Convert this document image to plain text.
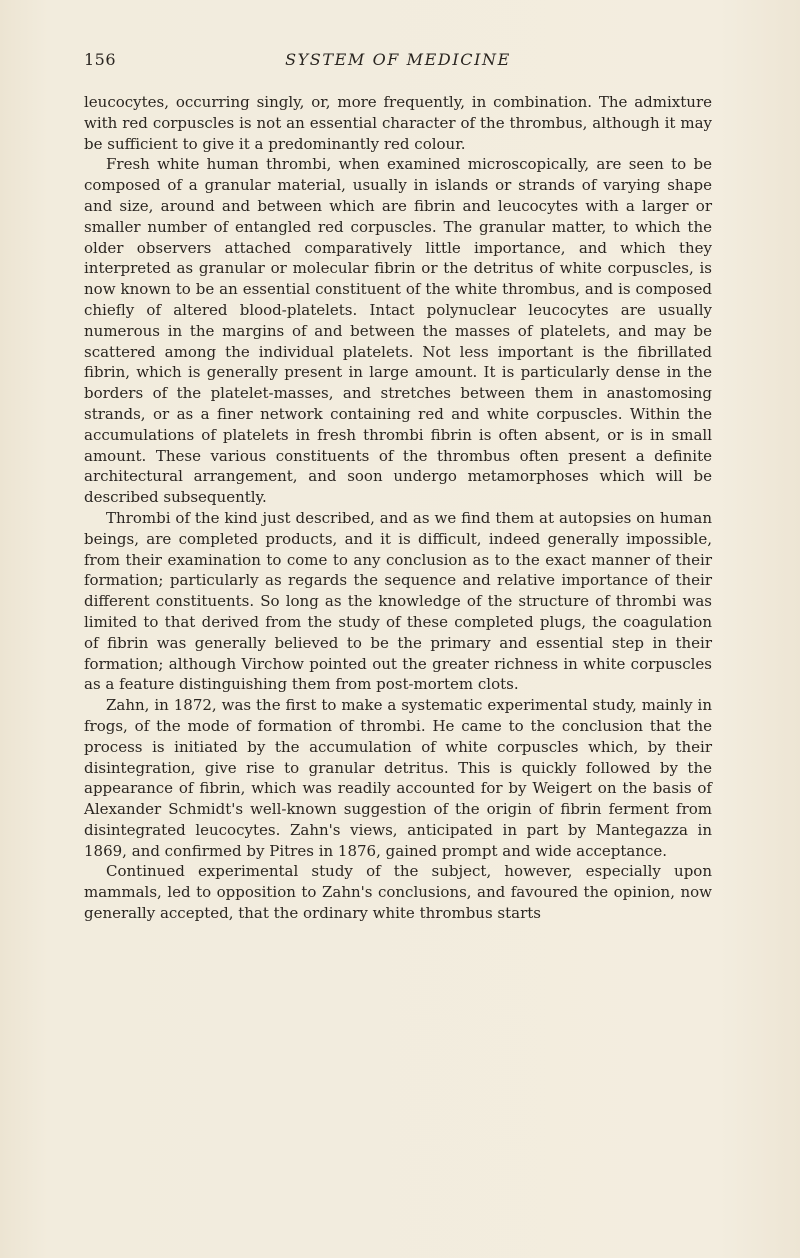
156	SYSTEM OF MEDICINE

leucocytes, occurring singly, or, more frequently, in combination. The admixture with red corpuscles is not an essential character of the thrombus, although it may be sufficient to give it a predominantly red colour.

Fresh white human thrombi, when examined microscopically, are seen to be composed of a granular material, usually in islands or strands of varying shape and size, around and between which are fibrin and leucocytes with a larger or smaller number of entangled red corpuscles. The granular matter, to which the older observers attached comparatively little importance, and which they interpreted as granular or molecular fibrin or the detritus of white corpuscles, is now known to be an essential constituent of the white thrombus, and is composed chiefly of altered blood-platelets. Intact polynuclear leucocytes are usually numerous in the margins of and between the masses of platelets, and may be scattered among the individual platelets. Not less important is the fibrillated fibrin, which is generally present in large amount. It is particularly dense in the borders of the platelet-masses, and stretches between them in anastomosing strands, or as a finer network containing red and white corpuscles. Within the accumulations of platelets in fresh thrombi fibrin is often absent, or is in small amount. These various constituents of the thrombus often present a definite architectural arrangement, and soon undergo metamorphoses which will be described subsequently.

Thrombi of the kind just described, and as we find them at autopsies on human beings, are completed products, and it is difficult, indeed generally impossible, from their examination to come to any conclusion as to the exact manner of their formation; particularly as regards the sequence and relative importance of their different constituents. So long as the knowledge of the structure of thrombi was limited to that derived from the study of these completed plugs, the coagulation of fibrin was generally believed to be the primary and essential step in their formation; although Virchow pointed out the greater richness in white corpuscles as a feature distinguishing them from post-mortem clots.

Zahn, in 1872, was the first to make a systematic experimental study, mainly in frogs, of the mode of formation of thrombi. He came to the conclusion that the process is initiated by the accumulation of white corpuscles which, by their disintegration, give rise to granular detritus. This is quickly followed by the appearance of fibrin, which was readily accounted for by Weigert on the basis of Alexander Schmidt's well-known suggestion of the origin of fibrin ferment from disintegrated leucocytes. Zahn's views, anticipated in part by Mantegazza in 1869, and confirmed by Pitres in 1876, gained prompt and wide acceptance.

Continued experimental study of the subject, however, especially upon mammals, led to opposition to Zahn's conclusions, and favoured the opinion, now generally accepted, that the ordinary white thrombus starts
